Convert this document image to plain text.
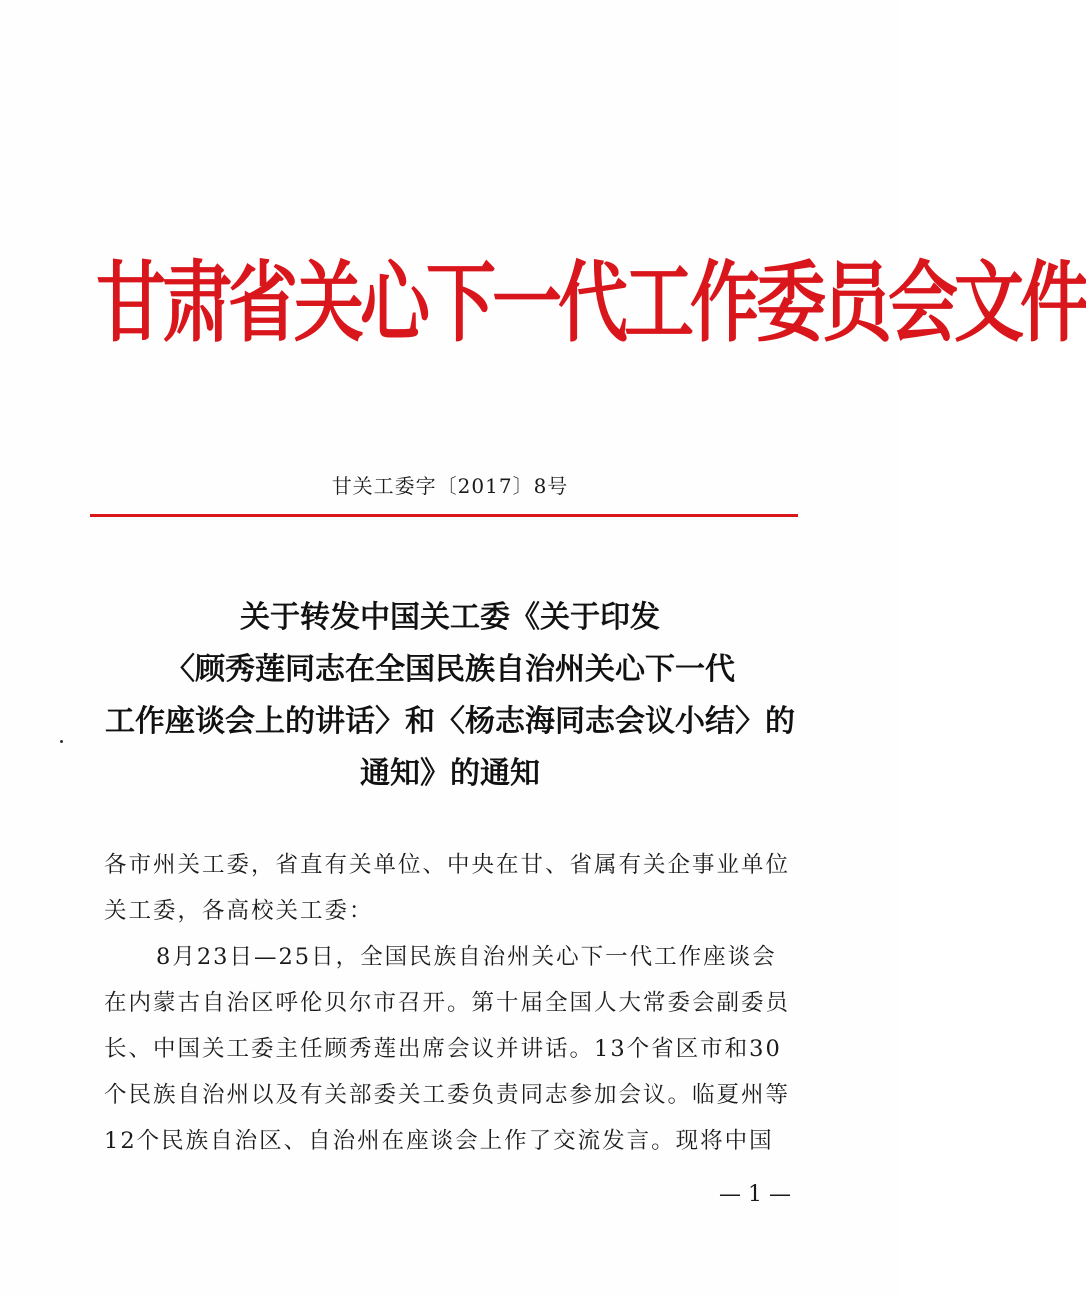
甘肃省关心下一代工作委员会文件
甘关工委字〔2017〕8号
关于转发中国关工委《关于印发
〈顾秀莲同志在全国民族自治州关心下一代
工作座谈会上的讲话〉和〈杨志海同志会议小结〉的
通知》的通知
各市州关工委，省直有关单位、中央在甘、省属有关企事业单位
关工委，各高校关工委：
8月23日—25日，全国民族自治州关心下一代工作座谈会
在内蒙古自治区呼伦贝尔市召开。第十届全国人大常委会副委员
长、中国关工委主任顾秀莲出席会议并讲话。13个省区市和30
个民族自治州以及有关部委关工委负责同志参加会议。临夏州等
12个民族自治区、自治州在座谈会上作了交流发言。现将中国
— 1 —
